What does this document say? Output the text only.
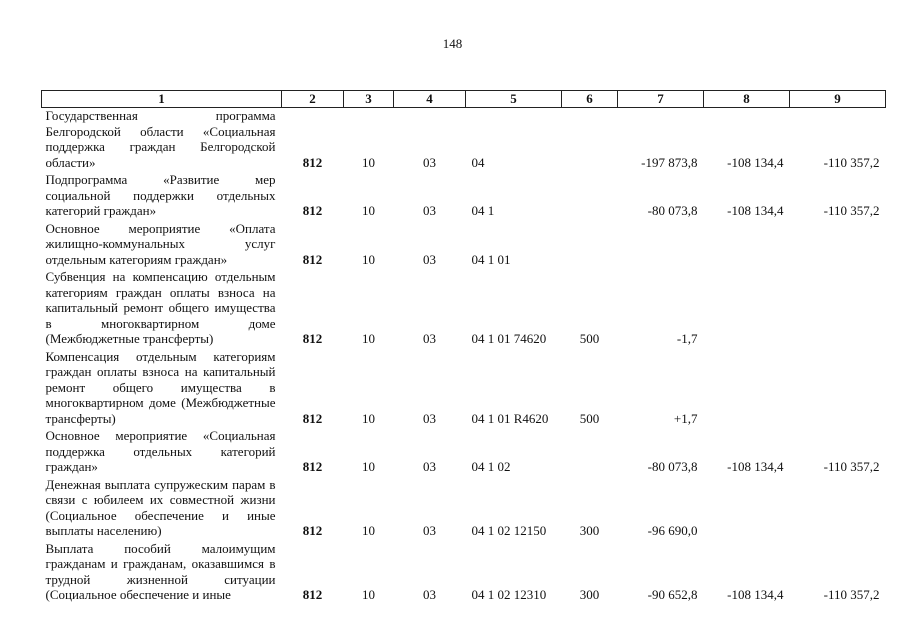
148
1	2	3	4	5	6	7	8	9
Государственная программа Белгородской области «Социальная поддержка граждан Белгородской области»	812	10	03	04		-197 873,8	-108 134,4	-110 357,2
Подпрограмма «Развитие мер социальной поддержки отдельных категорий граждан»	812	10	03	04 1		-80 073,8	-108 134,4	-110 357,2
Основное мероприятие «Оплата жилищно-коммунальных услуг отдельным категориям граждан»	812	10	03	04 1 01				
Субвенция на компенсацию отдельным категориям граждан оплаты взноса на капитальный ремонт общего имущества в многоквартирном доме (Межбюджетные трансферты)	812	10	03	04 1 01 74620	500	-1,7		
Компенсация отдельным категориям граждан оплаты взноса на капитальный ремонт общего имущества в многоквартирном доме (Межбюджетные трансферты)	812	10	03	04 1 01 R4620	500	+1,7		
Основное мероприятие «Социальная поддержка отдельных категорий граждан»	812	10	03	04 1 02		-80 073,8	-108 134,4	-110 357,2
Денежная выплата супружеским парам в связи с юбилеем их совместной жизни (Социальное обеспечение и иные выплаты населению)	812	10	03	04 1 02 12150	300	-96 690,0		
Выплата пособий малоимущим гражданам и гражданам, оказавшимся в трудной жизненной ситуации (Социальное обеспечение и иные	812	10	03	04 1 02 12310	300	-90 652,8	-108 134,4	-110 357,2
